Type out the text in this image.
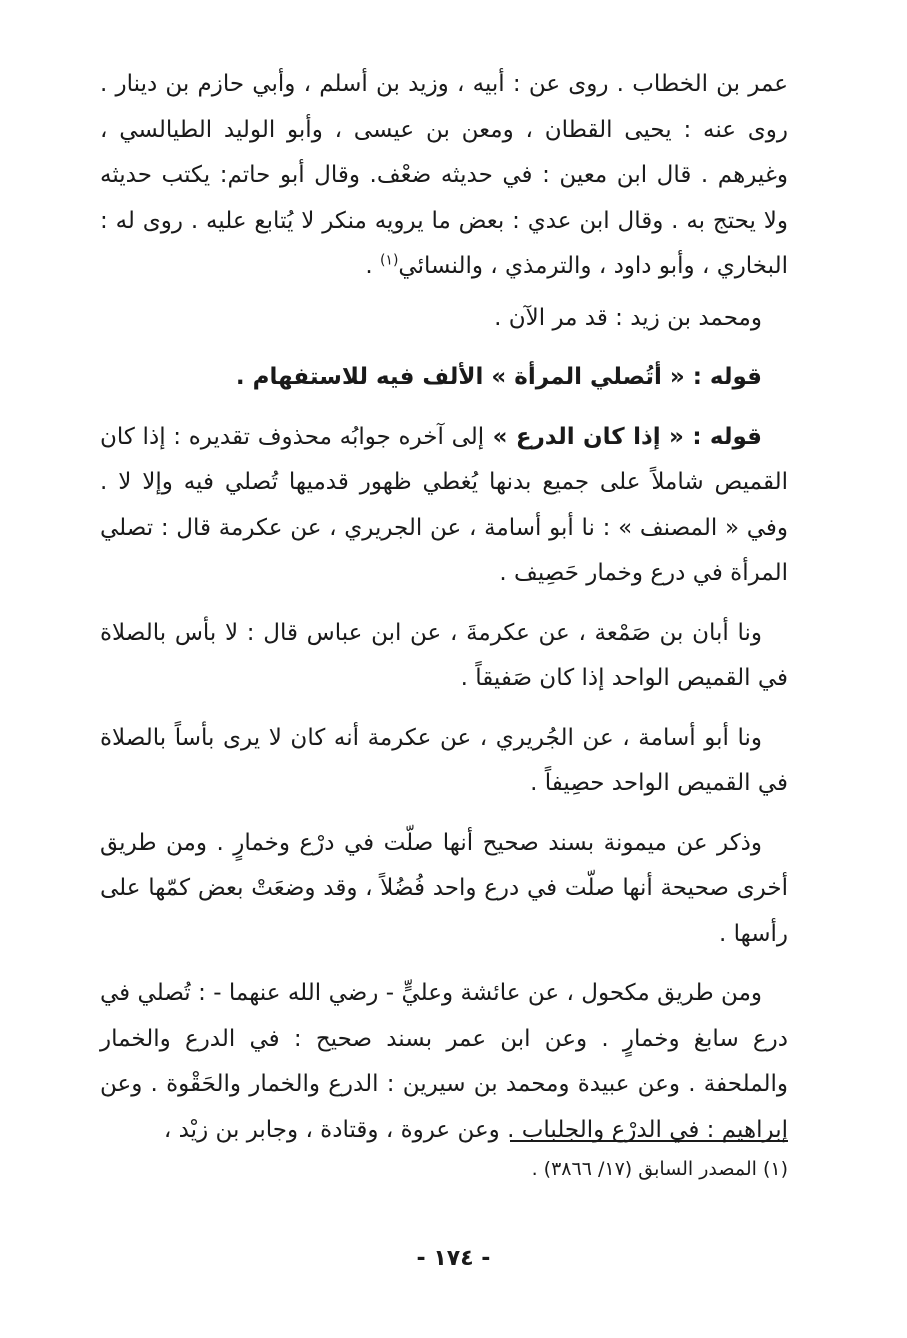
عمر بن الخطاب . روى عن : أبيه ، وزيد بن أسلم ، وأبي حازم بن دينار . روى عنه : يحيى القطان ، ومعن بن عيسى ، وأبو الوليد الطيالسي ، وغيرهم . قال ابن معين : في حديثه ضعْف. وقال أبو حاتم: يكتب حديثه ولا يحتج به . وقال ابن عدي : بعض ما يرويه منكر لا يُتابع عليه . روى له : البخاري ، وأبو داود ، والترمذي ، والنسائي$^{(١)}$ .

ومحمد بن زيد : قد مر الآن .

قوله : « أتُصلي المرأة » الألف فيه للاستفهام .

قوله : « إذا كان الدرع » إلى آخره جوابُه محذوف تقديره : إذا كان القميص شاملاً على جميع بدنها يُغطي ظهور قدميها تُصلي فيه وإلا لا . وفي « المصنف » : نا أبو أسامة ، عن الجريري ، عن عكرمة قال : تصلي المرأة في درع وخمار حَصِيف .

ونا أبان بن صَمْعة ، عن عكرمةَ ، عن ابن عباس قال : لا بأس بالصلاة في القميص الواحد إذا كان صَفيقاً .

ونا أبو أسامة ، عن الجُريري ، عن عكرمة أنه كان لا يرى بأساً بالصلاة في القميص الواحد حصِيفاً .

وذكر عن ميمونة بسند صحيح أنها صلّت في درْع وخمارٍ . ومن طريق أخرى صحيحة أنها صلّت في درع واحد فُضُلاً ، وقد وضعَتْ بعض كمّها على رأسها .

ومن طريق مكحول ، عن عائشة وعليٍّ - رضي الله عنهما - : تُصلي في درع سابغ وخمارٍ . وعن ابن عمر بسند صحيح : في الدرع والخمار والملحفة . وعن عبيدة ومحمد بن سيرين : الدرع والخمار والحَقْوة . وعن إبراهيم : في الدرْع والجلباب . وعن عروة ، وقتادة ، وجابر بن زيْد ،

(١) المصدر السابق (١٧/ ٣٨٦٦) .
- ١٧٤ -
